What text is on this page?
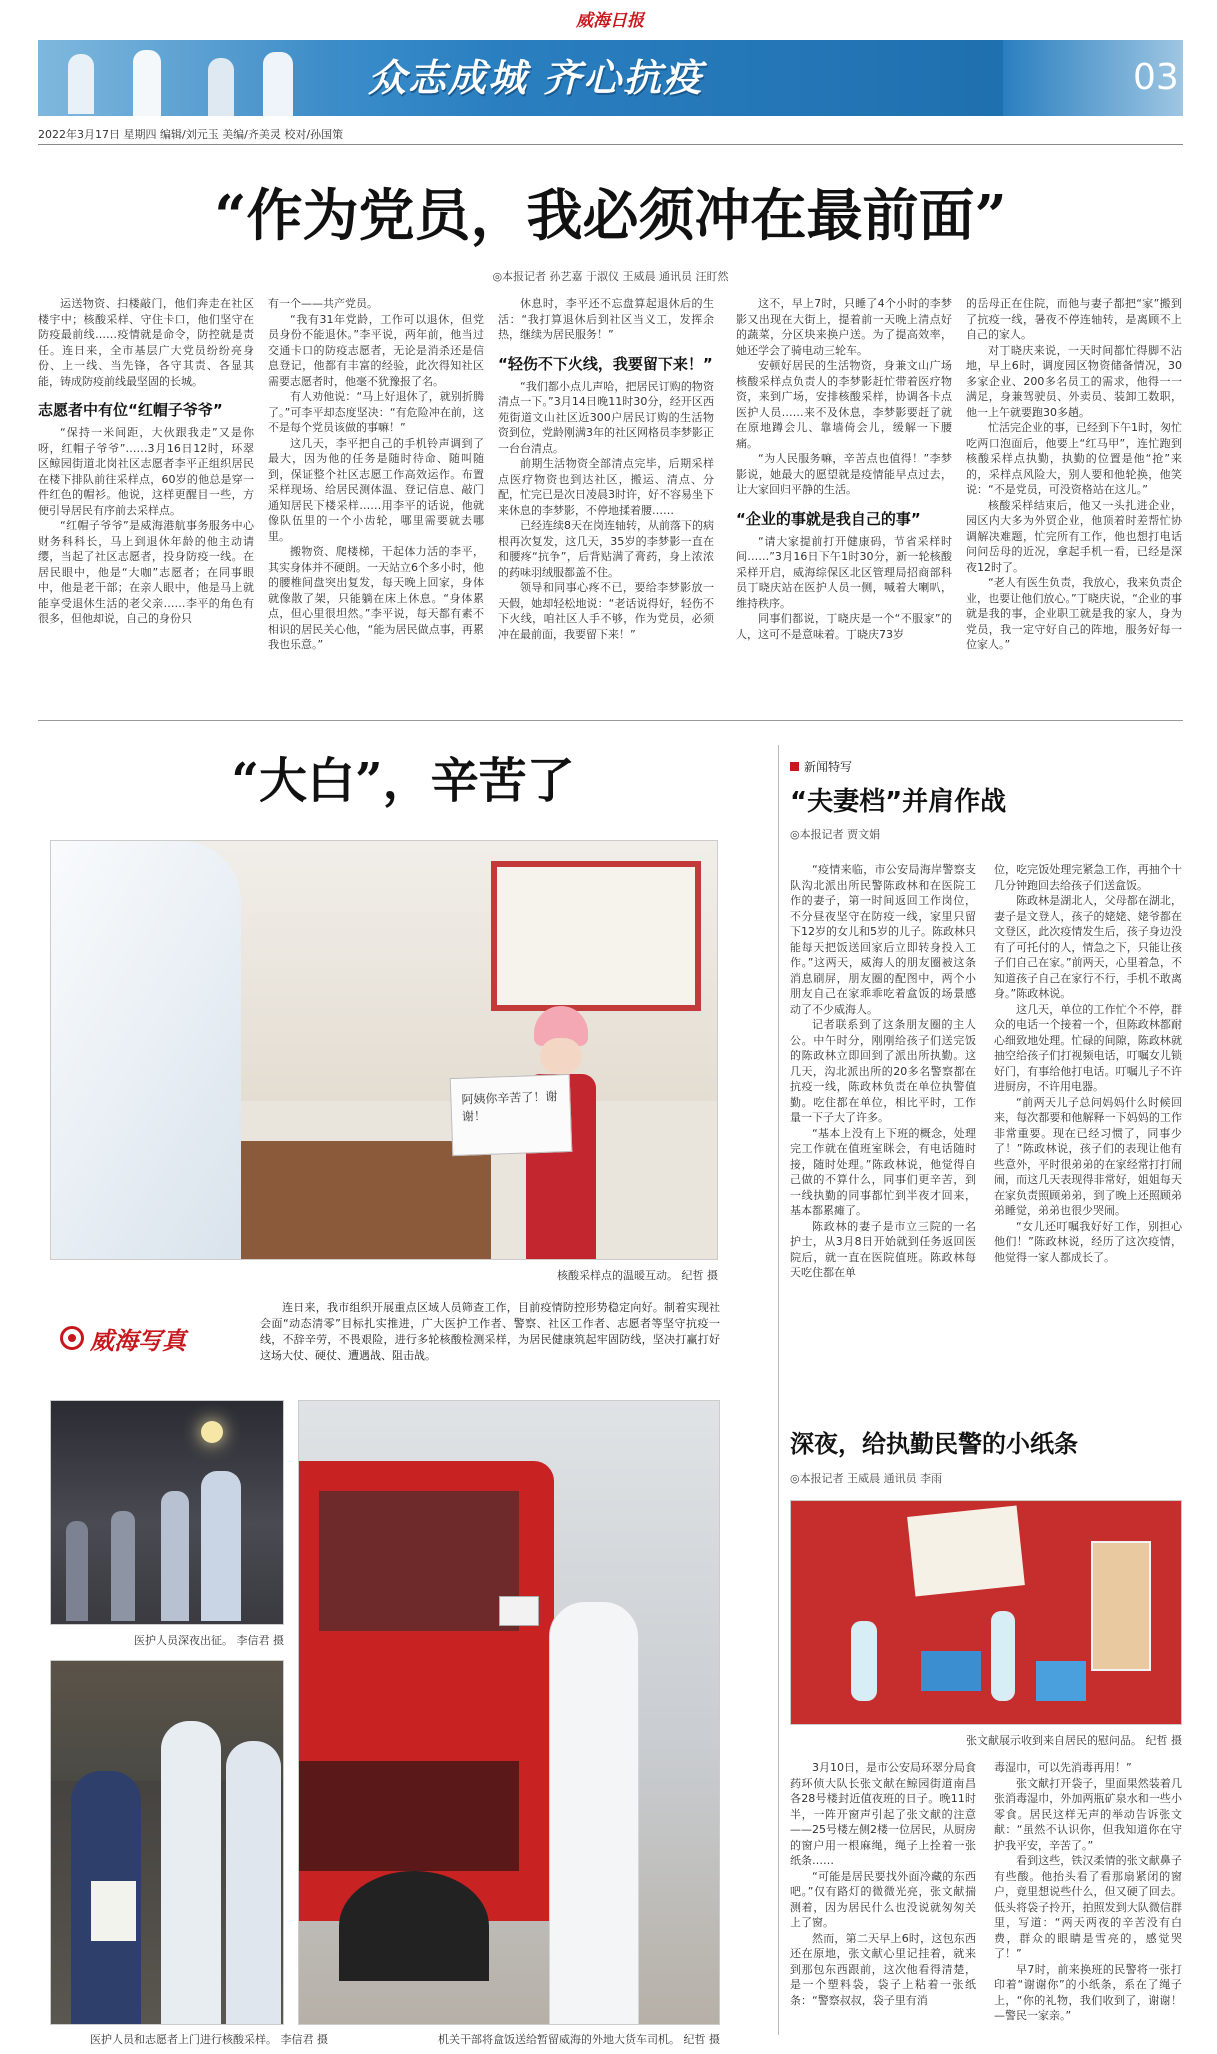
威海日报
众志成城 齐心抗疫	03
2022年3月17日 星期四 编辑/刘元玉 美编/齐美灵 校对/孙国策
“作为党员，我必须冲在最前面”
◎本报记者 孙艺嘉 于淑仪 王威晨 通讯员 汪盯然

运送物资、扫楼敲门，他们奔走在社区楼宇中；核酸采样、守住卡口，他们坚守在防疫最前线……疫情就是命令，防控就是责任。连日来，全市基层广大党员纷纷亮身份、上一线、当先锋，各守其责、各显其能，铸成防疫前线最坚固的长城。

志愿者中有位“红帽子爷爷”

“保持一米间距，大伙跟我走”又是你呀，红帽子爷爷”……3月16日12时，环翠区鲸园街道北岗社区志愿者李平正组织居民在楼下排队前往采样点，60岁的他总是穿一件红色的帽衫。他说，这样更醒目一些，方便引导居民有序前去采样点。

“红帽子爷爷”是威海港航事务服务中心财务科科长，马上到退休年龄的他主动请缨，当起了社区志愿者，投身防疫一线。在居民眼中，他是“大咖”志愿者；在同事眼中，他是老干部；在亲人眼中，他是马上就能享受退休生活的老父亲……李平的角色有很多，但他却说，自己的身份只

有一个——共产党员。

“我有31年党龄，工作可以退休，但党员身份不能退休。”李平说，两年前，他当过交通卡口的防疫志愿者，无论是消杀还是信息登记，他都有丰富的经验，此次得知社区需要志愿者时，他毫不犹豫报了名。

有人劝他说：“马上好退休了，就别折腾了。”可李平却态度坚决：“有危险冲在前，这不是每个党员该做的事嘛！”

这几天，李平把自己的手机铃声调到了最大，因为他的任务是随时待命、随叫随到，保证整个社区志愿工作高效运作。布置采样现场、给居民测体温、登记信息、敲门通知居民下楼采样……用李平的话说，他就像队伍里的一个小齿轮，哪里需要就去哪里。

搬物资、爬楼梯，干起体力活的李平，其实身体并不硬朗。一天站立6个多小时，他的腰椎间盘突出复发，每天晚上回家，身体就像散了架，只能躺在床上休息。“身体累点，但心里很坦然。”李平说，每天都有素不相识的居民关心他，“能为居民做点事，再累我也乐意。”

休息时，李平还不忘盘算起退休后的生活：“我打算退休后到社区当义工，发挥余热，继续为居民服务！”

“轻伤不下火线，我要留下来！”

“我们都小点儿声哈，把居民订购的物资清点一下。”3月14日晚11时30分，经开区西苑街道文山社区近300户居民订购的生活物资到位，党龄刚满3年的社区网格员李梦影正一台台清点。

前期生活物资全部清点完毕，后期采样点医疗物资也到达社区，搬运、清点、分配，忙完已是次日凌晨3时许，好不容易坐下来休息的李梦影，不停地揉着腰……

已经连续8天在岗连轴转，从前落下的病根再次复发，这几天，35岁的李梦影一直在和腰疼“抗争”，后背贴满了膏药，身上浓浓的药味羽绒服都盖不住。

领导和同事心疼不已，要给李梦影放一天假，她却轻松地说：“老话说得好，轻伤不下火线，咱社区人手不够，作为党员，必须冲在最前面，我要留下来！”

这不，早上7时，只睡了4个小时的李梦影又出现在大街上，提着前一天晚上清点好的蔬菜，分区块来换户送。为了提高效率，她还学会了骑电动三轮车。

安顿好居民的生活物资，身兼文山广场核酸采样点负责人的李梦影赶忙带着医疗物资，来到广场，安排核酸采样，协调各卡点医护人员……来不及休息，李梦影要赶了就在原地蹲会儿、靠墙倚会儿，缓解一下腰痛。

“为人民服务嘛，辛苦点也值得！”李梦影说，她最大的愿望就是疫情能早点过去，让大家回归平静的生活。

“企业的事就是我自己的事”

“请大家提前打开健康码，节省采样时间……”3月16日下午1时30分，新一轮核酸采样开启，威海综保区北区管理局招商部科员丁晓庆站在医护人员一侧，喊着大喇叭，维持秩序。

同事们都说，丁晓庆是一个“不服家”的人，这可不是意味着。丁晓庆73岁

的岳母正在住院，而他与妻子都把“家”搬到了抗疫一线，暑夜不停连轴转，是离顾不上自己的家人。

对丁晓庆来说，一天时间都忙得脚不沾地，早上6时，调度园区物资储备情况，30多家企业、200多名员工的需求，他得一一满足，身兼驾驶员、外卖员、装卸工数职，他一上午就要跑30多趟。

忙活完企业的事，已经到下午1时，匆忙吃两口泡面后，他要上“红马甲”，连忙跑到核酸采样点执勤，执勤的位置是他“抢”来的，采样点风险大，别人要和他轮换，他笑说：“不是党员，可没资格站在这儿。”

核酸采样结束后，他又一头扎进企业，园区内大多为外贸企业，他顶着时差帮忙协调解决难题，忙完所有工作，他也想打电话问问岳母的近况，拿起手机一看，已经是深夜12时了。

“老人有医生负责，我放心，我来负责企业，也要让他们放心。”丁晓庆说，“企业的事就是我的事，企业职工就是我的家人，身为党员，我一定守好自己的阵地，服务好每一位家人。”

“大白”，辛苦了
阿姨你辛苦了！谢谢！
核酸采样点的温暖互动。 纪哲 摄
威海写真

连日来，我市组织开展重点区域人员筛查工作，目前疫情防控形势稳定向好。制着实现社会面“动态清零”目标扎实推进，广大医护工作者、警察、社区工作者、志愿者等坚守抗疫一线，不辞辛劳，不畏艰险，进行多轮核酸检测采样，为居民健康筑起牢固防线，坚决打赢打好这场大仗、硬仗、遭遇战、阻击战。

医护人员深夜出征。 李信君 摄
医护人员和志愿者上门进行核酸采样。 李信君 摄	机关干部将盒饭送给暂留威海的外地大货车司机。 纪哲 摄
新闻特写
“夫妻档”并肩作战
◎本报记者 贾文娟

“疫情来临，市公安局海岸警察支队沟北派出所民警陈政林和在医院工作的妻子，第一时间返回工作岗位，不分昼夜坚守在防疫一线，家里只留下12岁的女儿和5岁的儿子。陈政林只能每天把饭送回家后立即转身投入工作。”这两天，威海人的朋友圈被这条消息刷屏，朋友圈的配图中，两个小朋友自己在家乖乖吃着盒饭的场景感动了不少威海人。

记者联系到了这条朋友圈的主人公。中午时分，刚刚给孩子们送完饭的陈政林立即回到了派出所执勤。这几天，沟北派出所的20多名警察都在抗疫一线，陈政林负责在单位执警值勤。吃住都在单位，相比平时，工作量一下子大了许多。

“基本上没有上下班的概念，处理完工作就在值班室眯会，有电话随时接，随时处理。”陈政林说，他觉得自己做的不算什么，同事们更辛苦，到一线执勤的同事都忙到半夜才回来，基本都累瘫了。

陈政林的妻子是市立三院的一名护士，从3月8日开始就到任务返回医院后，就一直在医院值班。陈政林每天吃住都在单

位，吃完饭处理完紧急工作，再抽个十几分钟跑回去给孩子们送盒饭。

陈政林是湖北人，父母都在湖北，妻子是文登人，孩子的姥姥、姥爷都在文登区，此次疫情发生后，孩子身边没有了可托付的人，情急之下，只能让孩子们自己在家。”前两天，心里着急，不知道孩子自己在家行不行，手机不敢离身。”陈政林说。

这几天，单位的工作忙个不停，群众的电话一个接着一个，但陈政林都耐心细致地处理。忙碌的间隙，陈政林就抽空给孩子们打视频电话，叮嘱女儿锁好门，有事给他打电话。叮嘱儿子不许进厨房，不许用电器。

“前两天儿子总问妈妈什么时候回来，每次都要和他解释一下妈妈的工作非常重要。现在已经习惯了，同事少了！”陈政林说，孩子们的表现让他有些意外，平时很弟弟的在家经常打打闹闹，而这几天表现得非常好，姐姐每天在家负责照顾弟弟，到了晚上还照顾弟弟睡觉，弟弟也很少哭闹。

“女儿还叮嘱我好好工作，别担心他们！”陈政林说，经历了这次疫情，他觉得一家人都成长了。

深夜，给执勤民警的小纸条
◎本报记者 王威晨 通讯员 李雨
张文献展示收到来自居民的慰问品。 纪哲 摄

3月10日，是市公安局环翠分局食药环侦大队长张文献在鲸园街道南昌各28号楼封近值夜班的日子。晚11时半，一阵开窗声引起了张文献的注意——25号楼左侧2楼一位居民，从厨房的窗户用一根麻绳，绳子上拴着一张纸条……

“可能是居民要找外面冷藏的东西吧。”仅有路灯的微微光亮，张文献揣测着，因为居民什么也没说就匆匆关上了窗。

然而，第二天早上6时，这包东西还在原地，张文献心里记挂着，就来到那包东西跟前，这次他看得清楚，是一个塑料袋，袋子上粘着一张纸条：“警察叔叔，袋子里有消

毒湿巾，可以先消毒再用！”

张文献打开袋子，里面果然装着几张消毒湿巾，外加两瓶矿泉水和一些小零食。居民这样无声的举动告诉张文献：“虽然不认识你，但我知道你在守护我平安，辛苦了。”

看到这些，铁汉柔情的张文献鼻子有些酸。他抬头看了看那扇紧闭的窗户，竟里想说些什么，但又硬了回去。低头将袋子拎开，拍照发到大队微信群里，写道：“两天两夜的辛苦没有白费，群众的眼睛是雪亮的，感觉哭了！”

早7时，前来换班的民警将一张打印着“谢谢你”的小纸条，系在了绳子上，“你的礼物，我们收到了，谢谢！—警民一家亲。”
